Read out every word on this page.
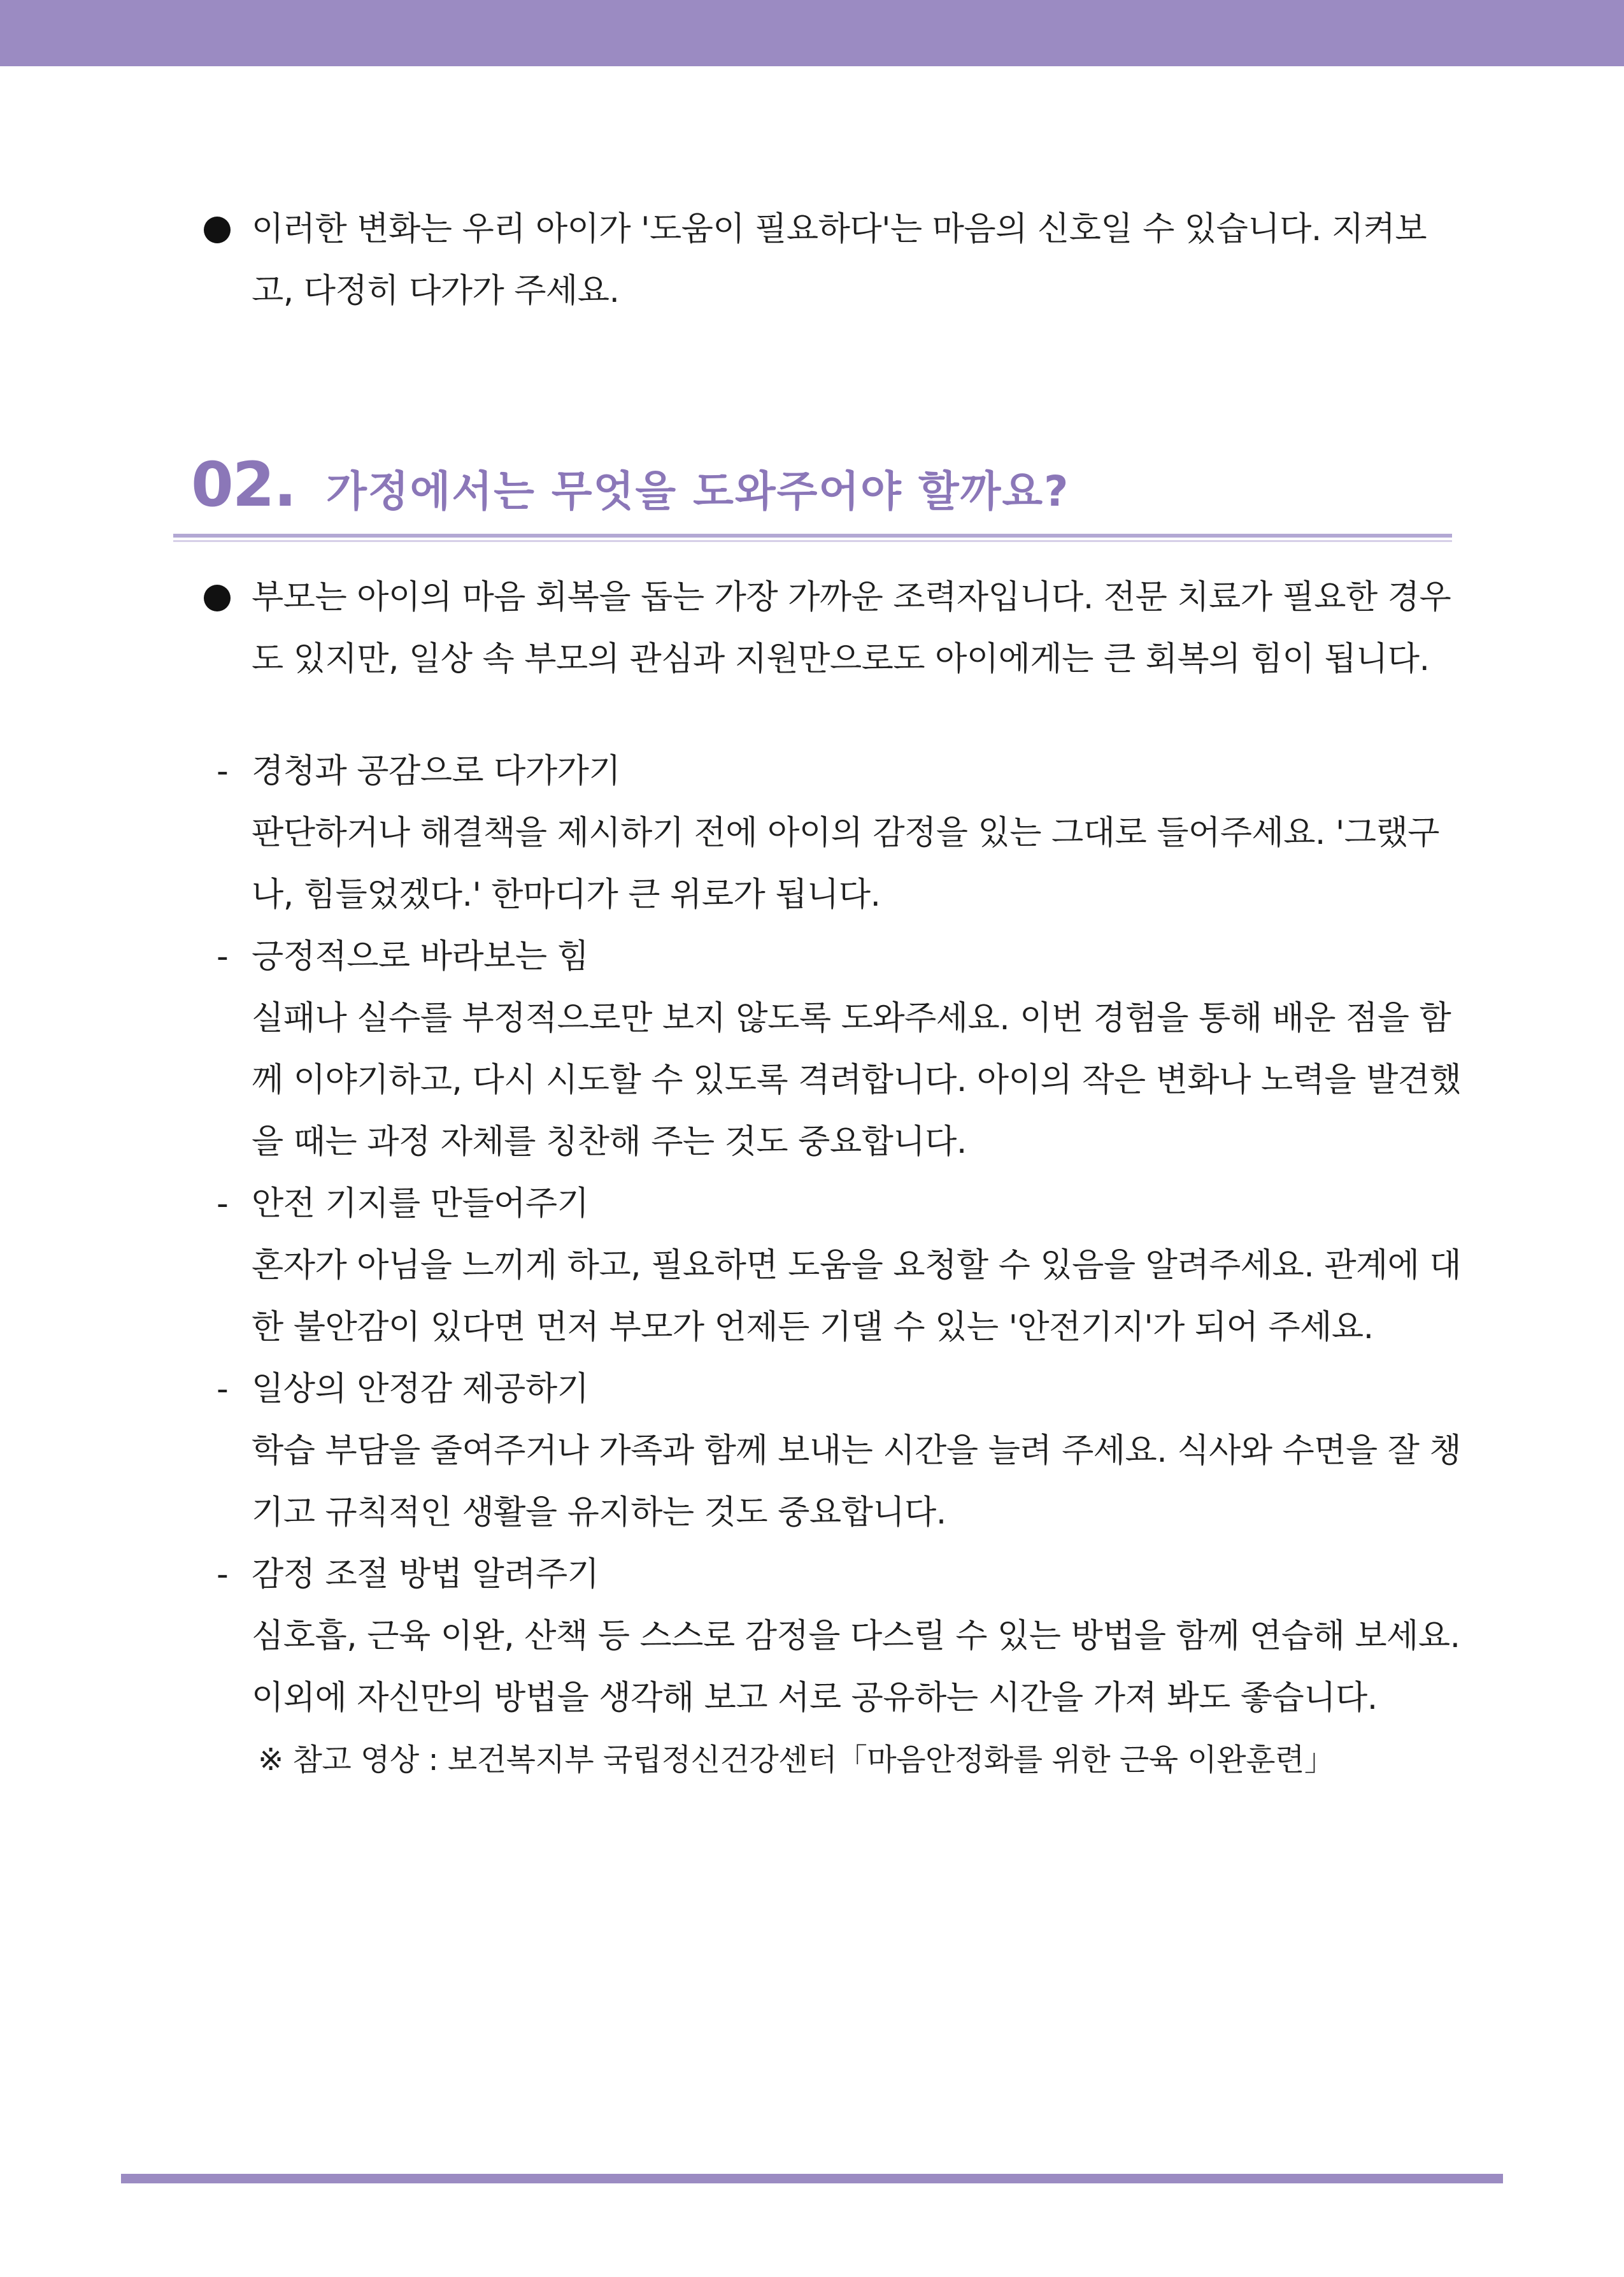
이러한 변화는 우리 아이가 '도움이 필요하다'는 마음의 신호일 수 있습니다. 지켜보고, 다정히 다가가 주세요.

02. 가정에서는 무엇을 도와주어야 할까요?

부모는 아이의 마음 회복을 돕는 가장 가까운 조력자입니다. 전문 치료가 필요한 경우도 있지만, 일상 속 부모의 관심과 지원만으로도 아이에게는 큰 회복의 힘이 됩니다.

- 경청과 공감으로 다가가기

판단하거나 해결책을 제시하기 전에 아이의 감정을 있는 그대로 들어주세요. '그랬구나, 힘들었겠다.' 한마디가 큰 위로가 됩니다.

- 긍정적으로 바라보는 힘

실패나 실수를 부정적으로만 보지 않도록 도와주세요. 이번 경험을 통해 배운 점을 함께 이야기하고, 다시 시도할 수 있도록 격려합니다. 아이의 작은 변화나 노력을 발견했을 때는 과정 자체를 칭찬해 주는 것도 중요합니다.

- 안전 기지를 만들어주기

혼자가 아님을 느끼게 하고, 필요하면 도움을 요청할 수 있음을 알려주세요. 관계에 대한 불안감이 있다면 먼저 부모가 언제든 기댈 수 있는 '안전기지'가 되어 주세요.

- 일상의 안정감 제공하기

학습 부담을 줄여주거나 가족과 함께 보내는 시간을 늘려 주세요. 식사와 수면을 잘 챙기고 규칙적인 생활을 유지하는 것도 중요합니다.

- 감정 조절 방법 알려주기

심호흡, 근육 이완, 산책 등 스스로 감정을 다스릴 수 있는 방법을 함께 연습해 보세요. 이외에 자신만의 방법을 생각해 보고 서로 공유하는 시간을 가져 봐도 좋습니다.

※ 참고 영상 : 보건복지부 국립정신건강센터「마음안정화를 위한 근육 이완훈련」
